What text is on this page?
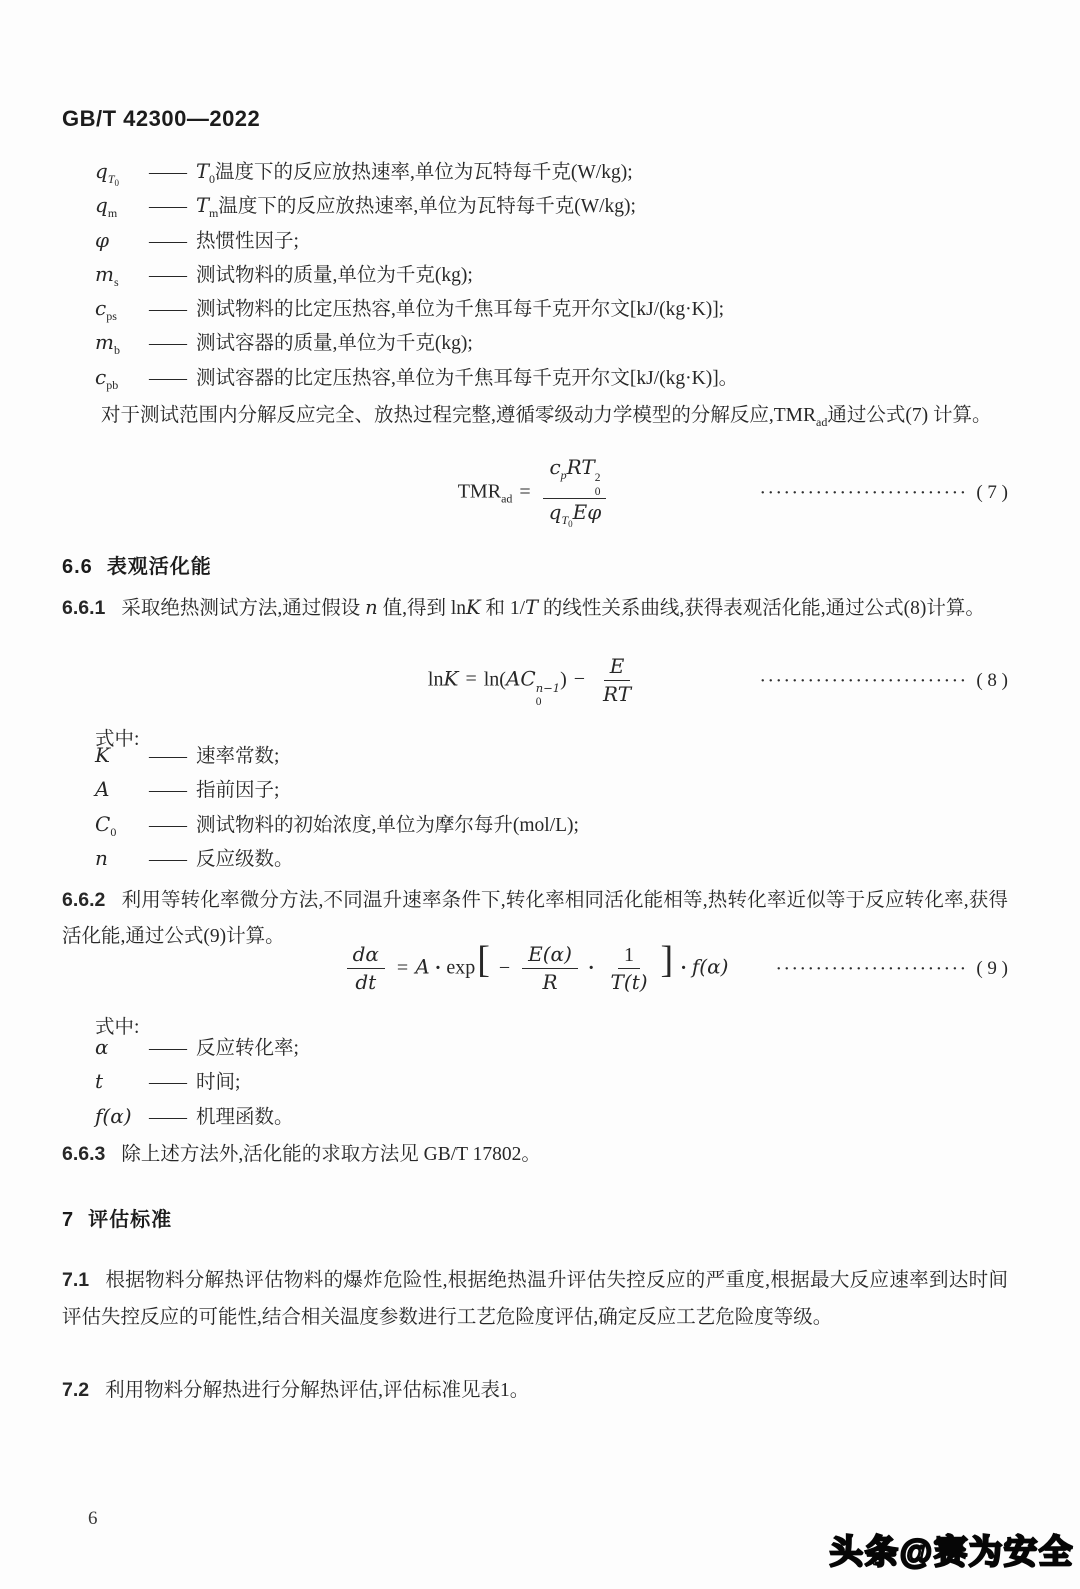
GB/T 42300—2022
$q_{T_0}$	—— $T_0$温度下的反应放热速率,单位为瓦特每千克(W/kg);
$q_m$	—— $T_m$温度下的反应放热速率,单位为瓦特每千克(W/kg);
φ	—— 热惯性因子;
$m_s$	—— 测试物料的质量,单位为千克(kg);
$c_{ps}$	—— 测试物料的比定压热容,单位为千焦耳每千克开尔文[kJ/(kg·K)];
$m_b$	—— 测试容器的质量,单位为千克(kg);
$c_{pb}$	—— 测试容器的比定压热容,单位为千焦耳每千克开尔文[kJ/(kg·K)]。

对于测试范围内分解反应完全、放热过程完整,遵循零级动力学模型的分解反应$,TMR_{ad}$通过公式(7) 计算。

$TMR_{ad} = c_pRT$ 2
0
$q_{T_0}E\varphi$	·························· ( 7 )
6.6 表观活化能

6.6.1 采取绝热测试方法,通过假设 n 值,得到 lnK 和 1/T 的线性关系曲线,获得表观活化能,通过公式(8)计算。

lnK = ln(AC n−1
0
) − $\frac{E}{RT}$	·························· ( 8 )

式中:

K	—— 速率常数;
A	—— 指前因子;
$C_0$	—— 测试物料的初始浓度,单位为摩尔每升(mol/L);
n	—— 反应级数。

6.6.2 利用等转化率微分方法,不同温升速率条件下,转化率相同活化能相等,热转化率近似等于反应转化率,获得活化能,通过公式(9)计算。

$\frac{d\alpha}{dt} = A \cdot \exp[ - \frac{E(\alpha)}{R} \cdot \frac{1}{T(t)}$ ] · f(α)	························ ( 9 )

式中:

α	—— 反应转化率;
t	—— 时间;
f(α) —— 机理函数。

6.6.3 除上述方法外,活化能的求取方法见 GB/T 17802。

7 评估标准

7.1 根据物料分解热评估物料的爆炸危险性,根据绝热温升评估失控反应的严重度,根据最大反应速率到达时间评估失控反应的可能性,结合相关温度参数进行工艺危险度评估,确定反应工艺危险度等级。

7.2 利用物料分解热进行分解热评估,评估标准见表1。

6
头条@赛为安全
